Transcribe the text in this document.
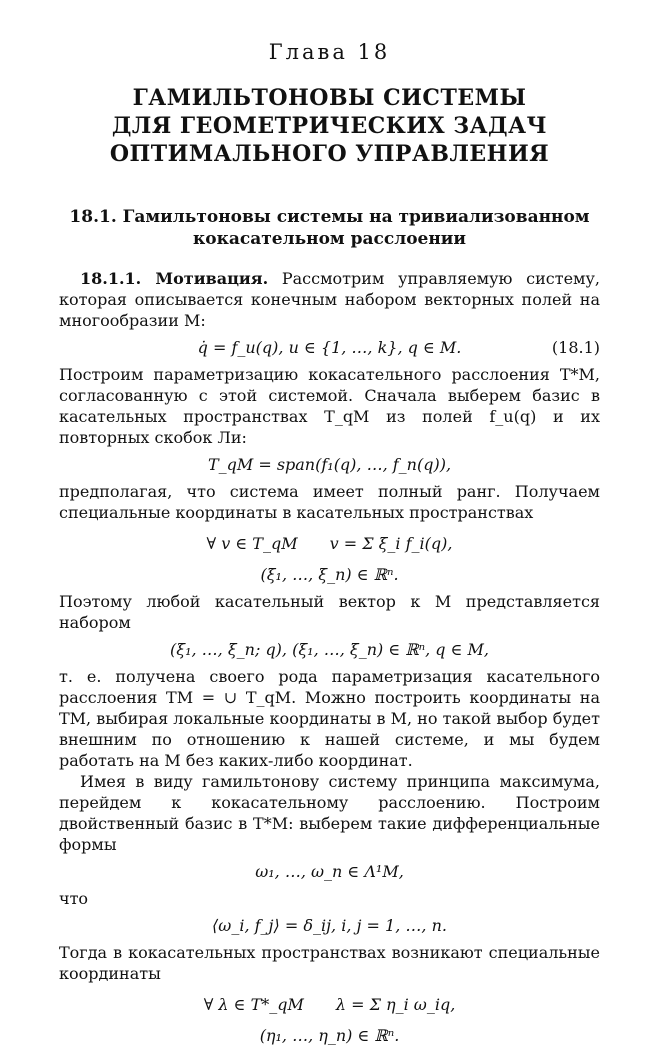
Глава 18
ГАМИЛЬТОНОВЫ СИСТЕМЫ
ДЛЯ ГЕОМЕТРИЧЕСКИХ ЗАДАЧ
ОПТИМАЛЬНОГО УПРАВЛЕНИЯ
18.1. Гамильтоновы системы на тривиализованном
кокасательном расслоении

18.1.1. Мотивация. Рассмотрим управляемую систему, которая описывается конечным набором векторных полей на многообразии M:

q̇ = f_u(q), u ∈ {1, …, k}, q ∈ M.	(18.1)

Построим параметризацию кокасательного расслоения T*M, согласованную с этой системой. Сначала выберем базис в касательных пространствах T_qM из полей f_u(q) и их повторных скобок Ли:

T_qM = span(f₁(q), …, f_n(q)),

предполагая, что система имеет полный ранг. Получаем специальные координаты в касательных пространствах

∀ v ∈ T_qM v = Σ ξ_i f_i(q),
(ξ₁, …, ξ_n) ∈ ℝⁿ.

Поэтому любой касательный вектор к M представляется набором

(ξ₁, …, ξ_n; q), (ξ₁, …, ξ_n) ∈ ℝⁿ, q ∈ M,

т. е. получена своего рода параметризация касательного расслоения TM = ∪ T_qM. Можно построить координаты на TM, выбирая локальные координаты в M, но такой выбор будет внешним по отношению к нашей системе, и мы будем работать на M без каких-либо координат.

Имея в виду гамильтонову систему принципа максимума, перейдем к кокасательному расслоению. Построим двойственный базис в T*M: выберем такие дифференциальные формы

ω₁, …, ω_n ∈ Λ¹M,

что

⟨ω_i, f_j⟩ = δ_ij, i, j = 1, …, n.

Тогда в кокасательных пространствах возникают специальные координаты

∀ λ ∈ T*_qM λ = Σ η_i ω_iq,
(η₁, …, η_n) ∈ ℝⁿ.
